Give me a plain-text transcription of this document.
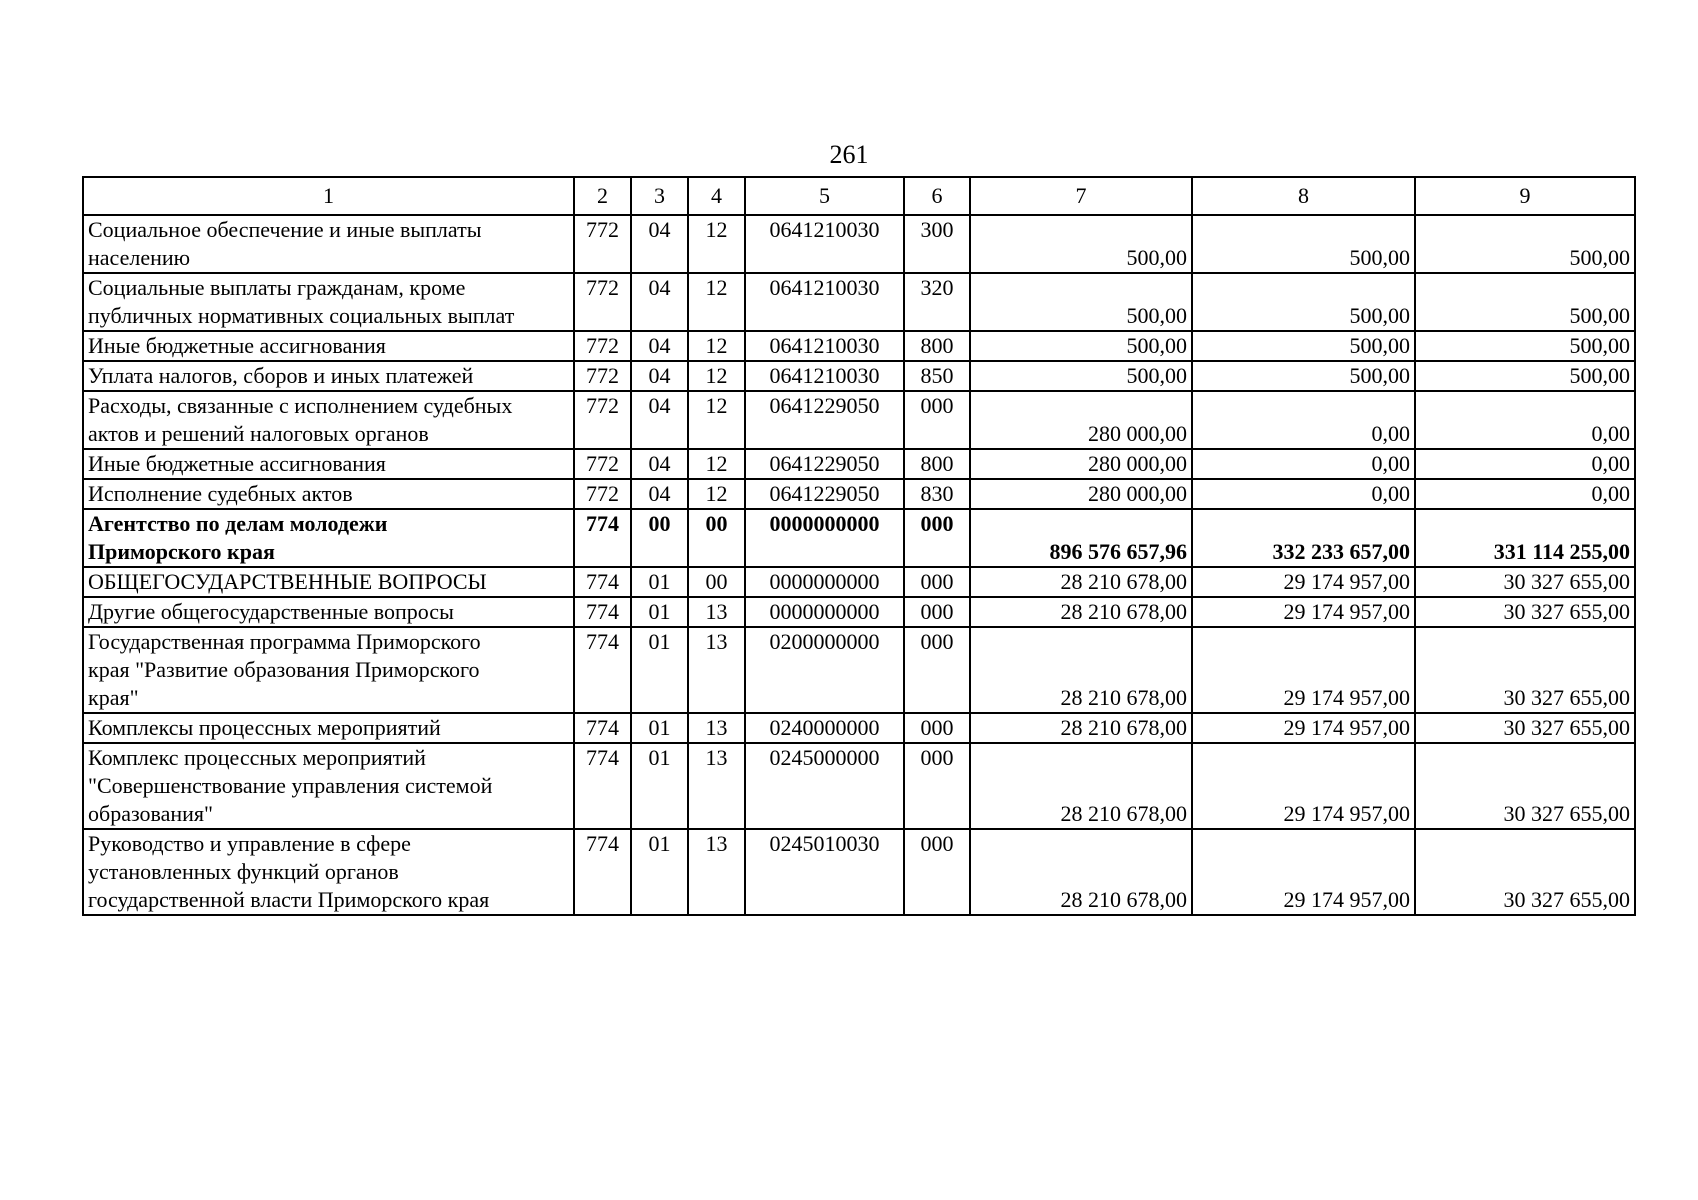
261
1	2	3	4	5	6	7	8	9

Социальное обеспечение и иные выплаты
населению	772	04	12	0641210030	300	500,00	500,00	500,00

Социальные выплаты гражданам, кроме
публичных нормативных социальных выплат	772	04	12	0641210030	320	500,00	500,00	500,00

Иные бюджетные ассигнования	772	04	12	0641210030	800	500,00	500,00	500,00

Уплата налогов, сборов и иных платежей	772	04	12	0641210030	850	500,00	500,00	500,00

Расходы, связанные с исполнением судебных
актов и решений налоговых органов	772	04	12	0641229050	000	280 000,00	0,00	0,00

Иные бюджетные ассигнования	772	04	12	0641229050	800	280 000,00	0,00	0,00

Исполнение судебных актов	772	04	12	0641229050	830	280 000,00	0,00	0,00

Агентство по делам молодежи
Приморского края	774	00	00	0000000000	000	896 576 657,96	332 233 657,00	331 114 255,00

ОБЩЕГОСУДАРСТВЕННЫЕ ВОПРОСЫ	774	01	00	0000000000	000	28 210 678,00	29 174 957,00	30 327 655,00

Другие общегосударственные вопросы	774	01	13	0000000000	000	28 210 678,00	29 174 957,00	30 327 655,00

Государственная программа Приморского
края "Развитие образования Приморского
края"	774	01	13	0200000000	000	28 210 678,00	29 174 957,00	30 327 655,00

Комплексы процессных мероприятий	774	01	13	0240000000	000	28 210 678,00	29 174 957,00	30 327 655,00

Комплекс процессных мероприятий
"Совершенствование управления системой
образования"	774	01	13	0245000000	000	28 210 678,00	29 174 957,00	30 327 655,00

Руководство и управление в сфере
установленных функций органов
государственной власти Приморского края	774	01	13	0245010030	000	28 210 678,00	29 174 957,00	30 327 655,00
